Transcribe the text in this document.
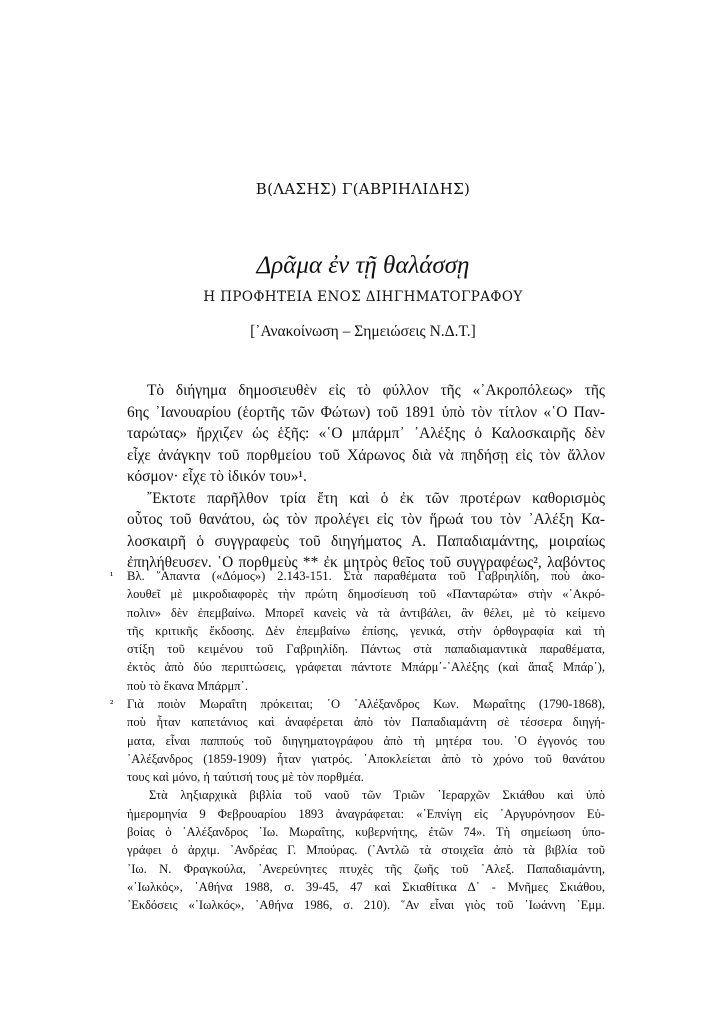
Β(ΛΑΣΗΣ) Γ(ΑΒΡΙΗΛΙΔΗΣ)
Δρᾶμα ἐν τῇ θαλάσσῃ
Η ΠΡΟΦΗΤΕΙΑ ΕΝΟΣ ΔΙΗΓΗΜΑΤΟΓΡΑΦΟΥ
[᾿Ανακοίνωση – Σημειώσεις Ν.Δ.Τ.]
Τὸ διήγημα δημοσιευθὲν εἰς τὸ φύλλον τῆς «᾿Ακροπόλεως» τῆς
6ης ᾿Ιανουαρίου (ἑορτῆς τῶν Φώτων) τοῦ 1891 ὑπὸ τὸν τίτλον «῾Ο Παν-
ταρώτας» ἤρχιζεν ὡς ἑξῆς: «῾Ο μπάρμπ᾿ ᾿Αλέξης ὁ Καλοσκαιρῆς δὲν
εἶχε ἀνάγκην τοῦ πορθμείου τοῦ Χάρωνος διὰ νὰ πηδήσῃ εἰς τὸν ἄλλον
κόσμον· εἶχε τὸ ἰδικόν του»¹.
῎Εκτοτε παρῆλθον τρία ἔτη καὶ ὁ ἐκ τῶν προτέρων καθορισμὸς
οὗτος τοῦ θανάτου, ὡς τὸν προλέγει εἰς τὸν ἥρωά του τὸν ᾿Αλέξη Κα-
λοσκαιρῆ ὁ συγγραφεὺς τοῦ διηγήματος Α. Παπαδιαμάντης, μοιραίως
ἐπηλήθευσεν. ῾Ο πορθμεὺς ** ἐκ μητρὸς θεῖος τοῦ συγγραφέως², λαβόντος
¹ Βλ. ῞Απαντα («Δόμος») 2.143-151. Στὰ παραθέματα τοῦ Γαβριηλίδη, ποὺ ἀκο-
λουθεῖ μὲ μικροδιαφορὲς τὴν πρώτη δημοσίευση τοῦ «Πανταρώτα» στὴν «᾿Ακρό-
πολιν» δὲν ἐπεμβαίνω. Μπορεῖ κανεὶς νὰ τὰ ἀντιβάλει, ἂν θέλει, μὲ τὸ κείμενο
τῆς κριτικῆς ἔκδοσης. Δὲν ἐπεμβαίνω ἐπίσης, γενικά, στὴν ὀρθογραφία καὶ τὴ
στίξη τοῦ κειμένου τοῦ Γαβριηλίδη. Πάντως στὰ παπαδιαμαντικὰ παραθέματα,
ἐκτὸς ἀπὸ δύο περιπτώσεις, γράφεται πάντοτε Μπάρμ᾿-᾿Αλέξης (καὶ ἅπαξ Μπάρ᾿),
ποὺ τὸ ἔκανα Μπάρμπ᾿.
² Γιὰ ποιὸν Μωραΐτη πρόκειται; ῾Ο ᾿Αλέξανδρος Κων. Μωραΐτης (1790-1868),
ποὺ ἦταν καπετάνιος καὶ ἀναφέρεται ἀπὸ τὸν Παπαδιαμάντη σὲ τέσσερα διηγή-
ματα, εἶναι παππούς τοῦ διηγηματογράφου ἀπὸ τὴ μητέρα του. ῾Ο ἐγγονός του
᾿Αλέξανδρος (1859-1909) ἦταν γιατρός. ᾿Αποκλείεται ἀπὸ τὸ χρόνο τοῦ θανάτου
τους καὶ μόνο, ἡ ταύτισή τους μὲ τὸν πορθμέα.
Στὰ ληξιαρχικὰ βιβλία τοῦ ναοῦ τῶν Τριῶν ῾Ιεραρχῶν Σκιάθου καὶ ὑπὸ
ἡμερομηνία 9 Φεβρουαρίου 1893 ἀναγράφεται: «᾿Επνίγη εἰς ᾿Αργυρόνησον Εὐ-
βοίας ὁ ᾿Αλέξανδρος ᾿Ιω. Μωραΐτης, κυβερνήτης, ἐτῶν 74». Τὴ σημείωση ὑπο-
γράφει ὁ ἀρχιμ. ᾿Ανδρέας Γ. Μπούρας. (᾿Αντλῶ τὰ στοιχεῖα ἀπὸ τὰ βιβλία τοῦ
᾿Ιω. Ν. Φραγκούλα, ᾿Ανερεύνητες πτυχὲς τῆς ζωῆς τοῦ ᾿Αλεξ. Παπαδιαμάντη,
«᾿Ιωλκός», ᾿Αθήνα 1988, σ. 39-45, 47 καὶ Σκιαθίτικα Δ᾿ - Μνῆμες Σκιάθου,
᾿Εκδόσεις «᾿Ιωλκός», ᾿Αθήνα 1986, σ. 210). ῞Αν εἶναι γιὸς τοῦ ᾿Ιωάννη ᾿Εμμ.
